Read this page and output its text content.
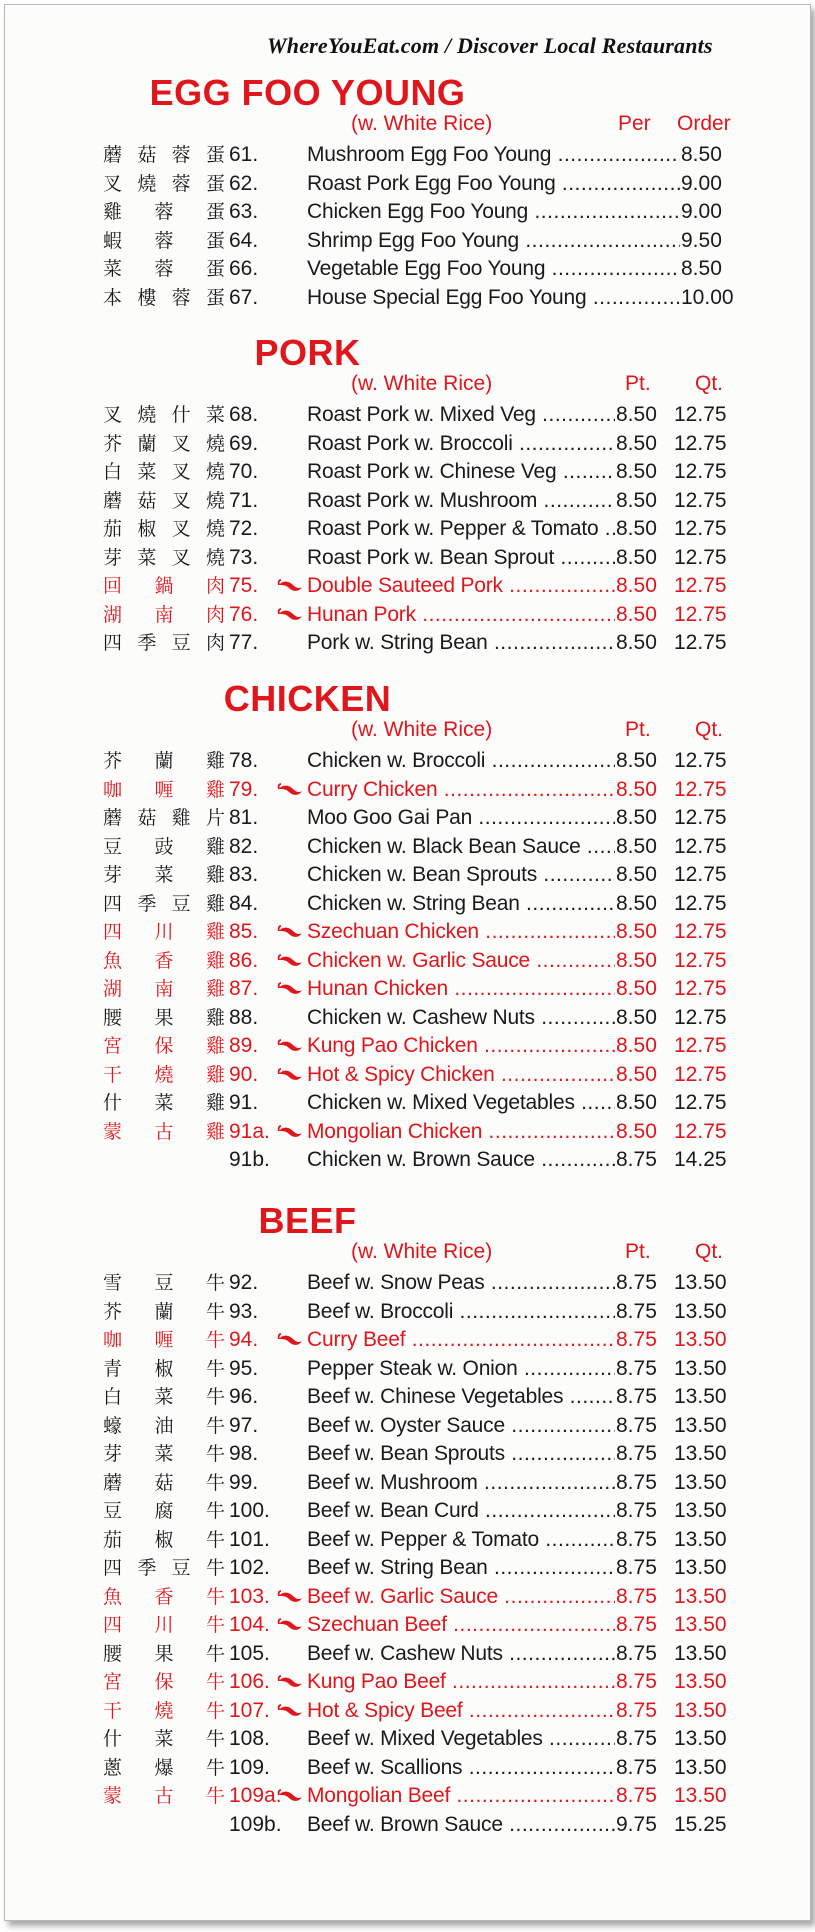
WhereYouEat.com / Discover Local Restaurants
EGG FOO YOUNG
(w. White Rice)	Per Order
蘑 菇 蓉 蛋 61. Mushroom Egg Foo Young .....	8.50
叉 燒 蓉 蛋 62. Roast Pork Egg Foo Young .....	9.00
雞 蓉 蛋 63. Chicken Egg Foo Young .....	9.00
蝦 蓉 蛋 64. Shrimp Egg Foo Young .....	9.50
菜 蓉 蛋 66. Vegetable Egg Foo Young .....	8.50
本 樓 蓉 蛋 67. House Special Egg Foo Young .....	10.00
PORK
(w. White Rice)	Pt. Qt.
叉 燒 什 菜 68. Roast Pork w. Mixed Veg .....	8.50 12.75
芥 蘭 叉 燒 69. Roast Pork w. Broccoli .....	8.50 12.75
白 菜 叉 燒 70. Roast Pork w. Chinese Veg .....	8.50 12.75
蘑 菇 叉 燒 71. Roast Pork w. Mushroom .....	8.50 12.75
茄 椒 叉 燒 72. Roast Pork w. Pepper & Tomato ..... 8.50 12.75
芽 菜 叉 燒 73. Roast Pork w. Bean Sprout .....	8.50 12.75
回 鍋 肉 75. Double Sauteed Pork .....	8.50 12.75
湖 南 肉 76. Hunan Pork .....	8.50 12.75
四 季 豆 肉 77. Pork w. String Bean .....	8.50 12.75
CHICKEN
(w. White Rice)	Pt. Qt.
芥 蘭 雞 78. Chicken w. Broccoli .....	8.50 12.75
咖 喱 雞 79. Curry Chicken .....	8.50 12.75
蘑 菇 雞 片 81. Moo Goo Gai Pan .....	8.50 12.75
豆 豉 雞 82. Chicken w. Black Bean Sauce .....	8.50 12.75
芽 菜 雞 83. Chicken w. Bean Sprouts .....	8.50 12.75
四 季 豆 雞 84. Chicken w. String Bean .....	8.50 12.75
四 川 雞 85. Szechuan Chicken .....	8.50 12.75
魚 香 雞 86. Chicken w. Garlic Sauce .....	8.50 12.75
湖 南 雞 87. Hunan Chicken .....	8.50 12.75
腰 果 雞 88. Chicken w. Cashew Nuts .....	8.50 12.75
宮 保 雞 89. Kung Pao Chicken .....	8.50 12.75
干 燒 雞 90. Hot & Spicy Chicken .....	8.50 12.75
什 菜 雞 91. Chicken w. Mixed Vegetables .....	8.50 12.75
蒙 古 雞 91a. Mongolian Chicken .....	8.50 12.75
91b. Chicken w. Brown Sauce .....	8.75 14.25
BEEF
(w. White Rice)	Pt. Qt.
雪 豆 牛 92. Beef w. Snow Peas .....	8.75 13.50
芥 蘭 牛 93. Beef w. Broccoli .....	8.75 13.50
咖 喱 牛 94. Curry Beef .....	8.75 13.50
青 椒 牛 95. Pepper Steak w. Onion .....	8.75 13.50
白 菜 牛 96. Beef w. Chinese Vegetables .....	8.75 13.50
蠔 油 牛 97. Beef w. Oyster Sauce .....	8.75 13.50
芽 菜 牛 98. Beef w. Bean Sprouts .....	8.75 13.50
蘑 菇 牛 99. Beef w. Mushroom .....	8.75 13.50
豆 腐 牛 100. Beef w. Bean Curd .....	8.75 13.50
茄 椒 牛 101. Beef w. Pepper & Tomato .....	8.75 13.50
四 季 豆 牛 102. Beef w. String Bean .....	8.75 13.50
魚 香 牛 103. Beef w. Garlic Sauce .....	8.75 13.50
四 川 牛 104. Szechuan Beef .....	8.75 13.50
腰 果 牛 105. Beef w. Cashew Nuts .....	8.75 13.50
宮 保 牛 106. Kung Pao Beef .....	8.75 13.50
干 燒 牛 107. Hot & Spicy Beef .....	8.75 13.50
什 菜 牛 108. Beef w. Mixed Vegetables .....	8.75 13.50
蔥 爆 牛 109. Beef w. Scallions .....	8.75 13.50
蒙 古 牛 109a. Mongolian Beef .....	8.75 13.50
109b. Beef w. Brown Sauce .....	9.75 15.25
